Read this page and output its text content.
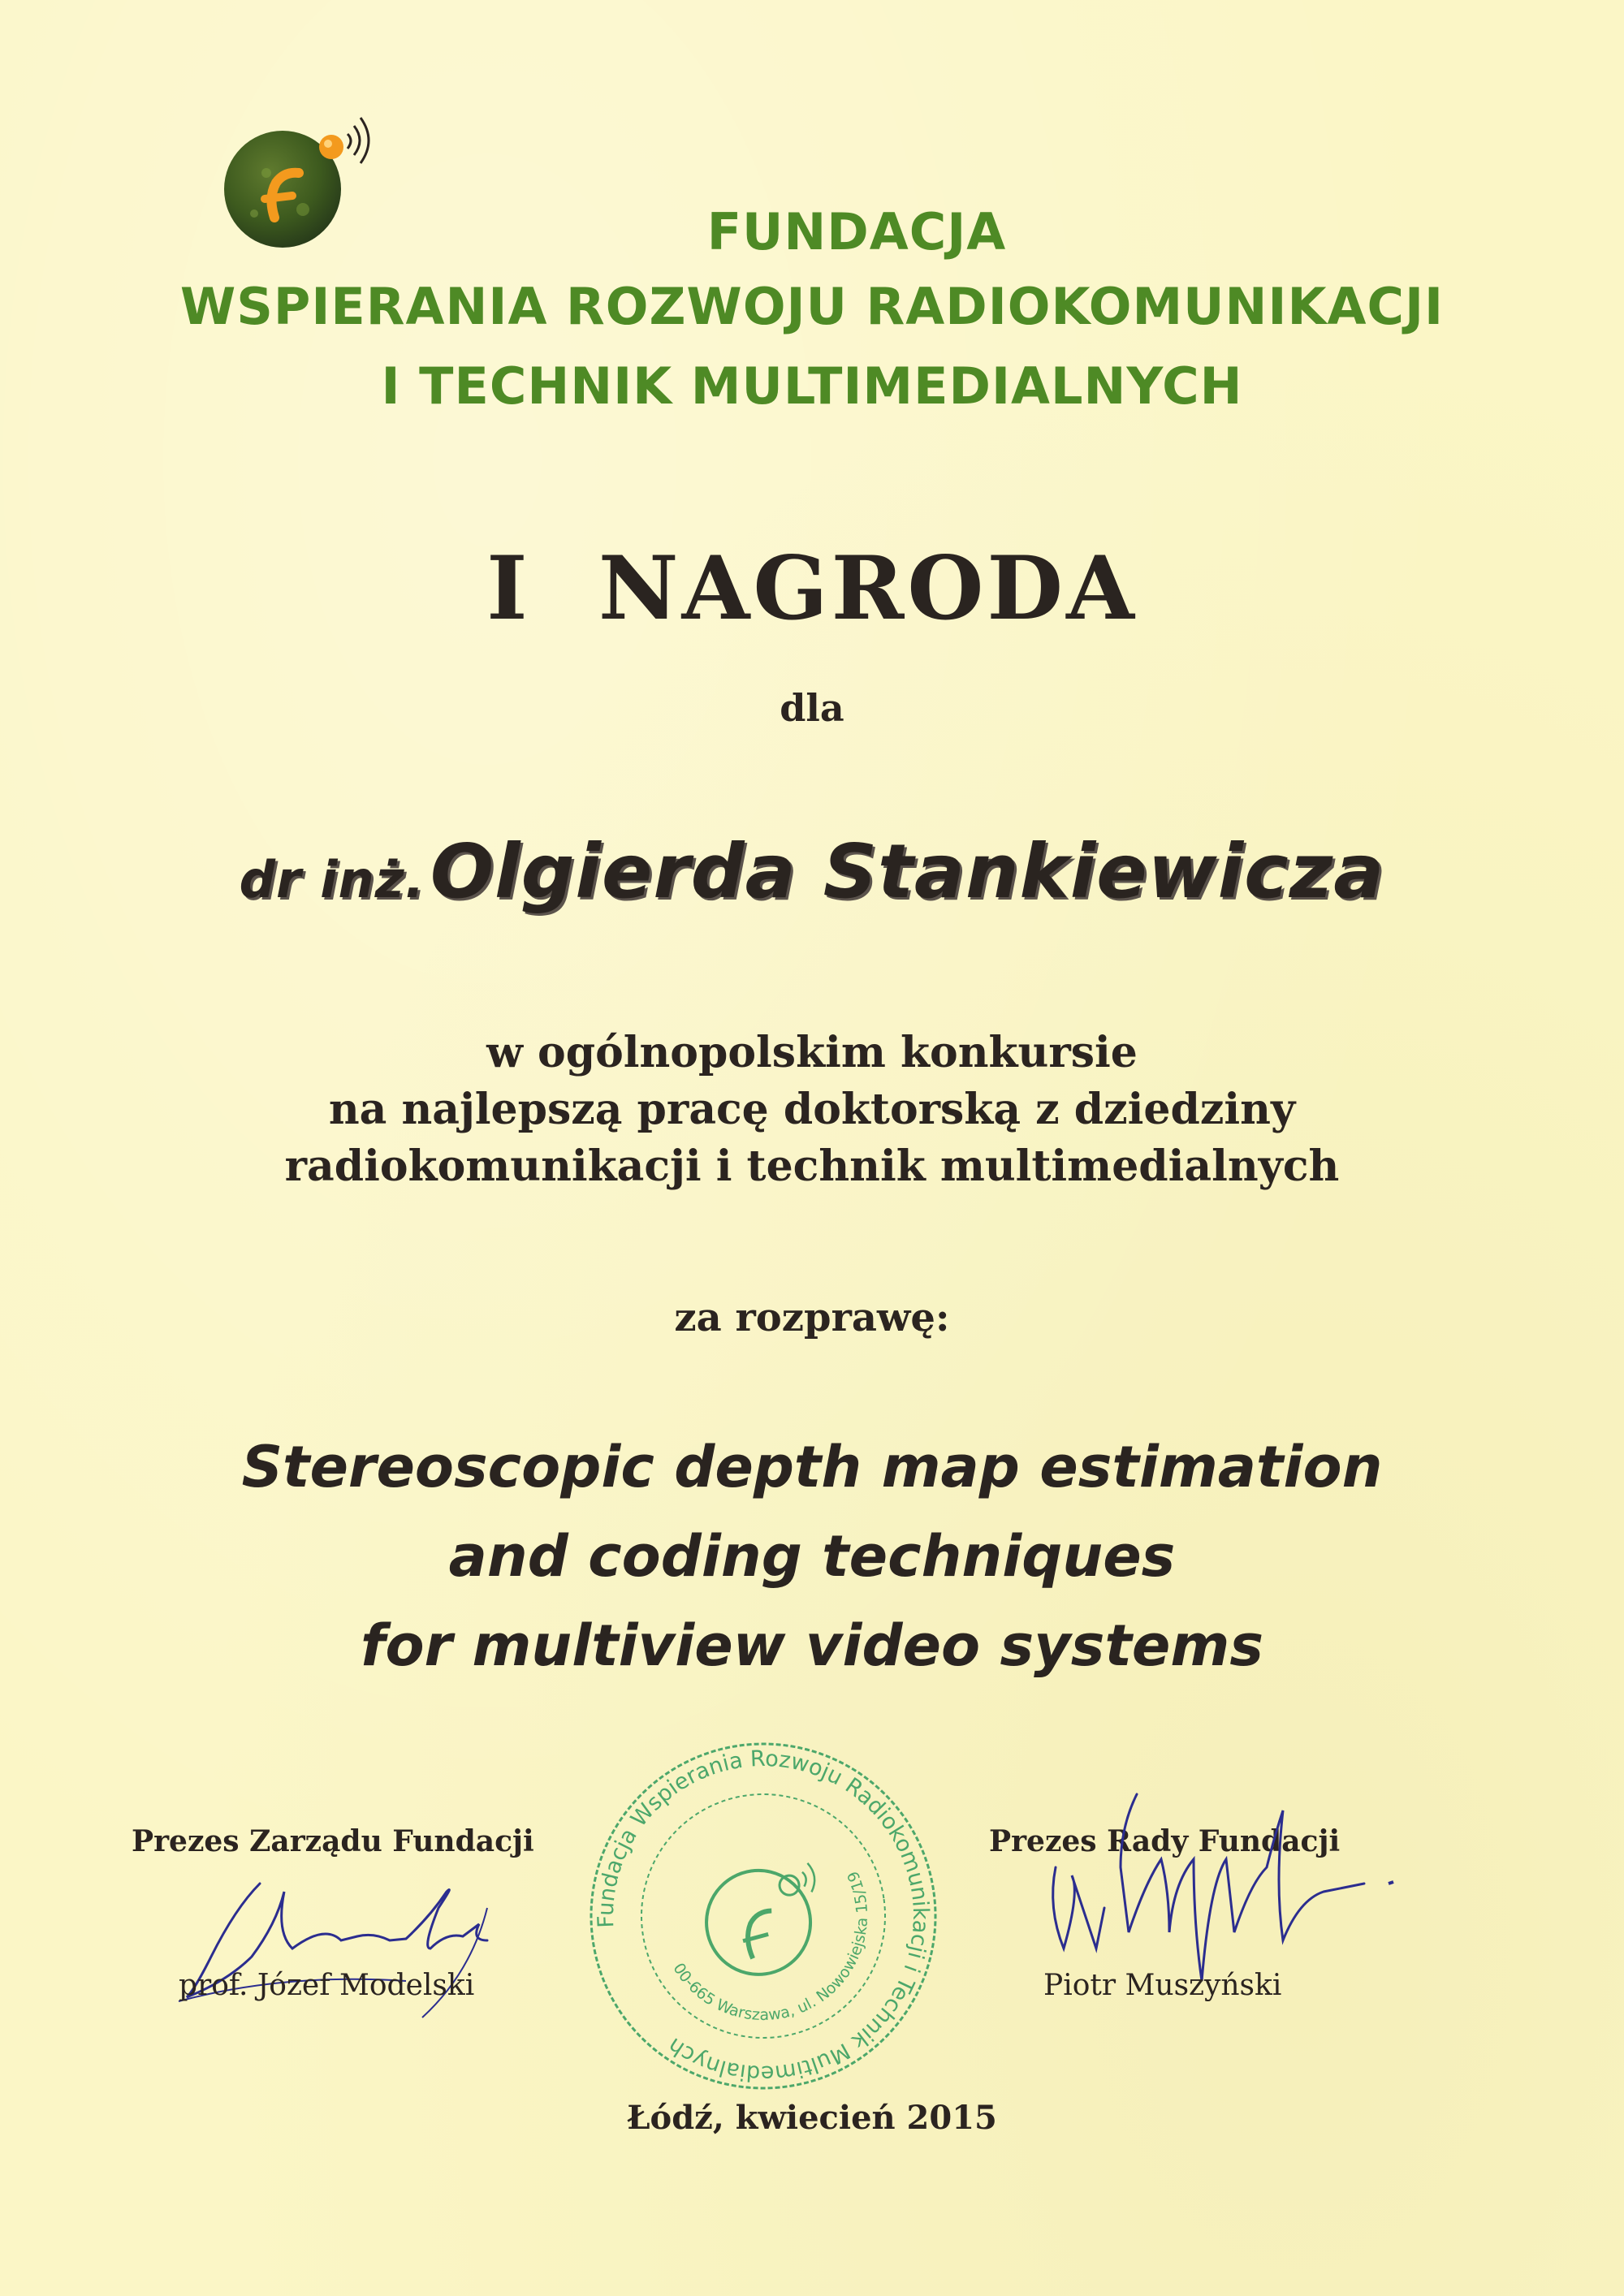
FUNDACJA
WSPIERANIA ROZWOJU RADIOKOMUNIKACJI
I TECHNIK MULTIMEDIALNYCH
I  NAGRODA
dla
dr inż. Olgierda Stankiewicza
w ogólnopolskim konkursie
na najlepszą pracę doktorską z dziedziny
radiokomunikacji i technik multimedialnych
za rozprawę:
Stereoscopic depth map estimation
and coding techniques
for multiview video systems
Prezes Zarządu Fundacji
prof. Józef Modelski
Prezes Rady Fundacji
Piotr Muszyński
Fundacja Wspierania Rozwoju Radiokomunikacji i Technik Multimedialnych
00-665 Warszawa, ul. Nowowiejska 15/19
Łódź, kwiecień 2015
